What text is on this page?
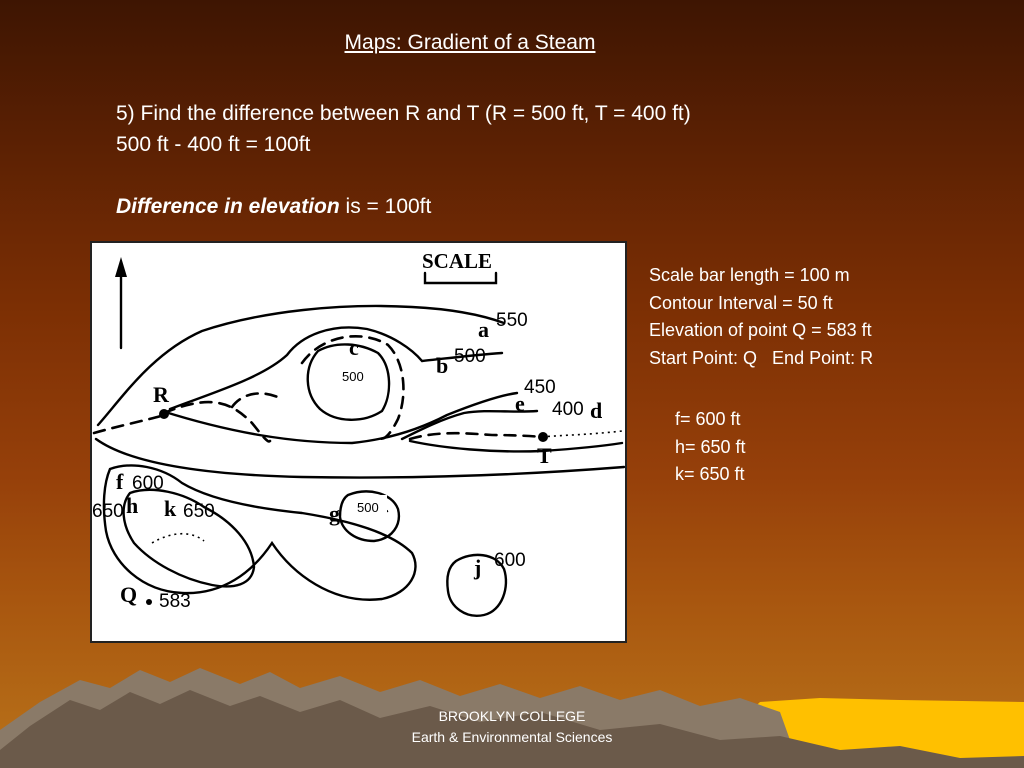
Maps: Gradient of a Steam
5) Find the difference between R and T (R = 500 ft, T = 400 ft)
500 ft - 400 ft = 100ft
Difference in elevation is = 100ft
SCALE
a
b
c
d
e
f
g
h
j
k
Q
R
T
550
500
450
400
600
650	650
600
583
500
500
Scale bar length = 100 m
Contour Interval = 50 ft
Elevation of point Q = 583 ft
Start Point: Q   End Point: R
f= 600 ft
h= 650 ft
k= 650 ft
BROOKLYN COLLEGE
Earth & Environmental Sciences
